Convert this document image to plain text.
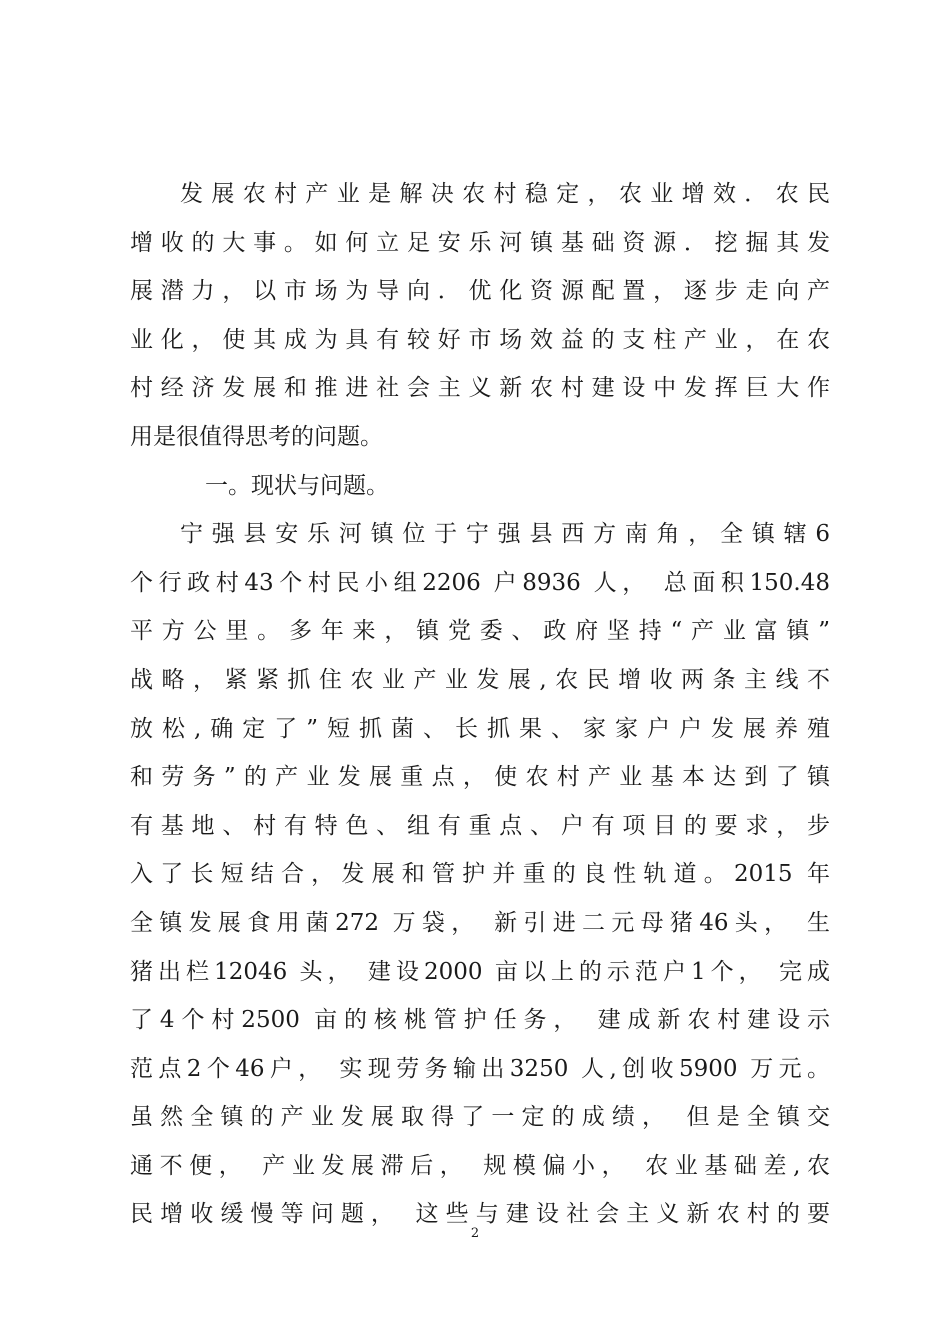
发展农村产业是解决农村稳定，农业增效．农民
增收的大事。如何立足安乐河镇基础资源．挖掘其发
展潜力，以市场为导向．优化资源配置，逐步走向产
业化，使其成为具有较好市场效益的支柱产业，在农
村经济发展和推进社会主义新农村建设中发挥巨大作
用是很值得思考的问题。
一。现状与问题。
宁强县安乐河镇位于宁强县西方南角，全镇辖6
个行政村43个村民小组2206 户8936 人， 总面积150.48
平方公里。多年来，镇党委、政府坚持“产业富镇”
战略，紧紧抓住农业产业发展,农民增收两条主线不
放松,确定了”短抓菌、长抓果、家家户户发展养殖
和劳务”的产业发展重点，使农村产业基本达到了镇
有基地、村有特色、组有重点、户有项目的要求，步
入了长短结合，发展和管护并重的良性轨道。2015 年
全镇发展食用菌272 万袋， 新引进二元母猪46头， 生
猪出栏12046 头， 建设2000 亩以上的示范户1个， 完成
了4个村2500 亩的核桃管护任务， 建成新农村建设示
范点2个46户， 实现劳务输出3250 人,创收5900 万元。
虽然全镇的产业发展取得了一定的成绩， 但是全镇交
通不便， 产业发展滞后， 规模偏小， 农业基础差,农
民增收缓慢等问题， 这些与建设社会主义新农村的要
2
